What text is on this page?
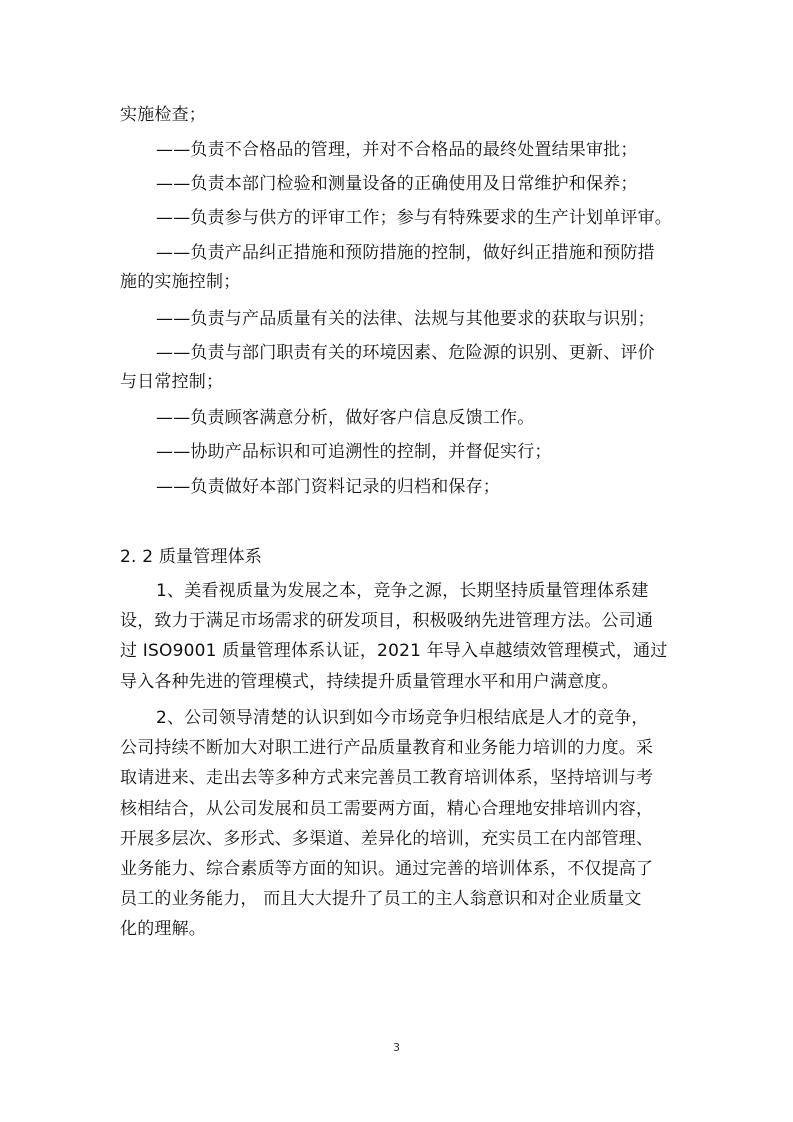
实施检查；
——负责不合格品的管理，并对不合格品的最终处置结果审批；
——负责本部门检验和测量设备的正确使用及日常维护和保养；
——负责参与供方的评审工作；参与有特殊要求的生产计划单评审。
——负责产品纠正措施和预防措施的控制，做好纠正措施和预防措
施的实施控制；
——负责与产品质量有关的法律、法规与其他要求的获取与识别；
——负责与部门职责有关的环境因素、危险源的识别、更新、评价
与日常控制；
——负责顾客满意分析，做好客户信息反馈工作。
——协助产品标识和可追溯性的控制，并督促实行；
——负责做好本部门资料记录的归档和保存；
2. 2 质量管理体系
1、美看视质量为发展之本，竞争之源，长期坚持质量管理体系建
设，致力于满足市场需求的研发项目，积极吸纳先进管理方法。公司通
过 ISO9001 质量管理体系认证，2021 年导入卓越绩效管理模式，通过
导入各种先进的管理模式，持续提升质量管理水平和用户满意度。
2、公司领导清楚的认识到如今市场竞争归根结底是人才的竞争，
公司持续不断加大对职工进行产品质量教育和业务能力培训的力度。采
取请进来、走出去等多种方式来完善员工教育培训体系，坚持培训与考
核相结合，从公司发展和员工需要两方面，精心合理地安排培训内容，
开展多层次、多形式、多渠道、差异化的培训，充实员工在内部管理、
业务能力、综合素质等方面的知识。通过完善的培训体系，不仅提高了
员工的业务能力， 而且大大提升了员工的主人翁意识和对企业质量文
化的理解。
3
